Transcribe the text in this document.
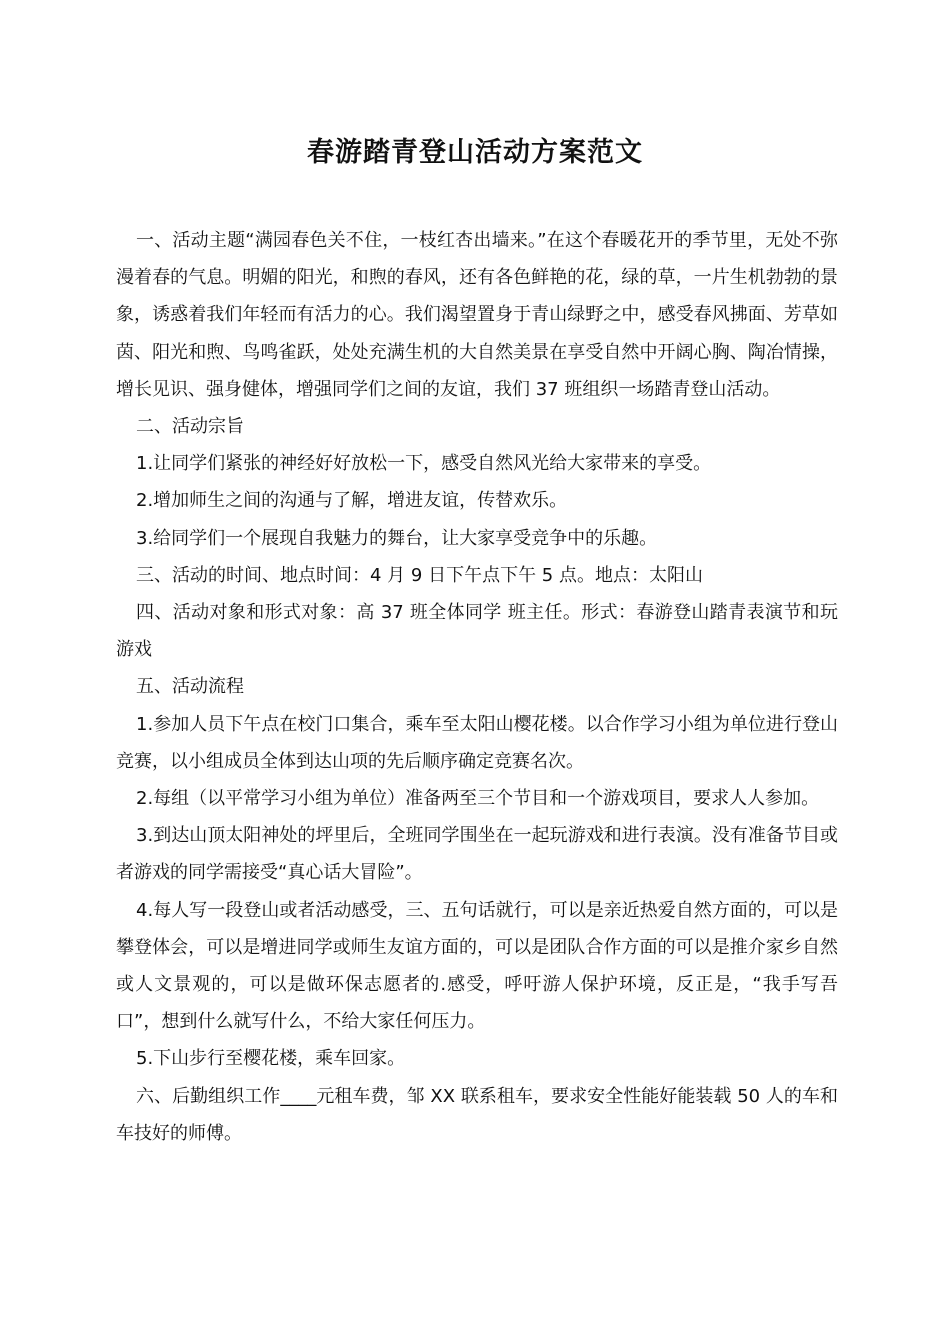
春游踏青登山活动方案范文

一、活动主题“满园春色关不住，一枝红杏出墙来。”在这个春暖花开的季节里，无处不弥漫着春的气息。明媚的阳光，和煦的春风，还有各色鲜艳的花，绿的草，一片生机勃勃的景象，诱惑着我们年轻而有活力的心。我们渴望置身于青山绿野之中，感受春风拂面、芳草如茵、阳光和煦、鸟鸣雀跃，处处充满生机的大自然美景在享受自然中开阔心胸、陶冶情操，增长见识、强身健体，增强同学们之间的友谊，我们 37 班组织一场踏青登山活动。

二、活动宗旨

1.让同学们紧张的神经好好放松一下，感受自然风光给大家带来的享受。

2.增加师生之间的沟通与了解，增进友谊，传替欢乐。

3.给同学们一个展现自我魅力的舞台，让大家享受竞争中的乐趣。

三、活动的时间、地点时间：4 月 9 日下午点下午 5 点。地点：太阳山

四、活动对象和形式对象：高 37 班全体同学 班主任。形式：春游登山踏青表演节和玩游戏

五、活动流程

1.参加人员下午点在校门口集合，乘车至太阳山樱花楼。以合作学习小组为单位进行登山竞赛，以小组成员全体到达山项的先后顺序确定竞赛名次。

2.每组（以平常学习小组为单位）准备两至三个节目和一个游戏项目，要求人人参加。

3.到达山顶太阳神处的坪里后，全班同学围坐在一起玩游戏和进行表演。没有准备节目或者游戏的同学需接受“真心话大冒险”。

4.每人写一段登山或者活动感受，三、五句话就行，可以是亲近热爱自然方面的，可以是攀登体会，可以是增进同学或师生友谊方面的，可以是团队合作方面的可以是推介家乡自然或人文景观的，可以是做环保志愿者的.感受，呼吁游人保护环境，反正是，“我手写吾口”，想到什么就写什么，不给大家任何压力。

5.下山步行至樱花楼，乘车回家。

六、后勤组织工作____元租车费，邹 XX 联系租车，要求安全性能好能装载 50 人的车和车技好的师傅。
